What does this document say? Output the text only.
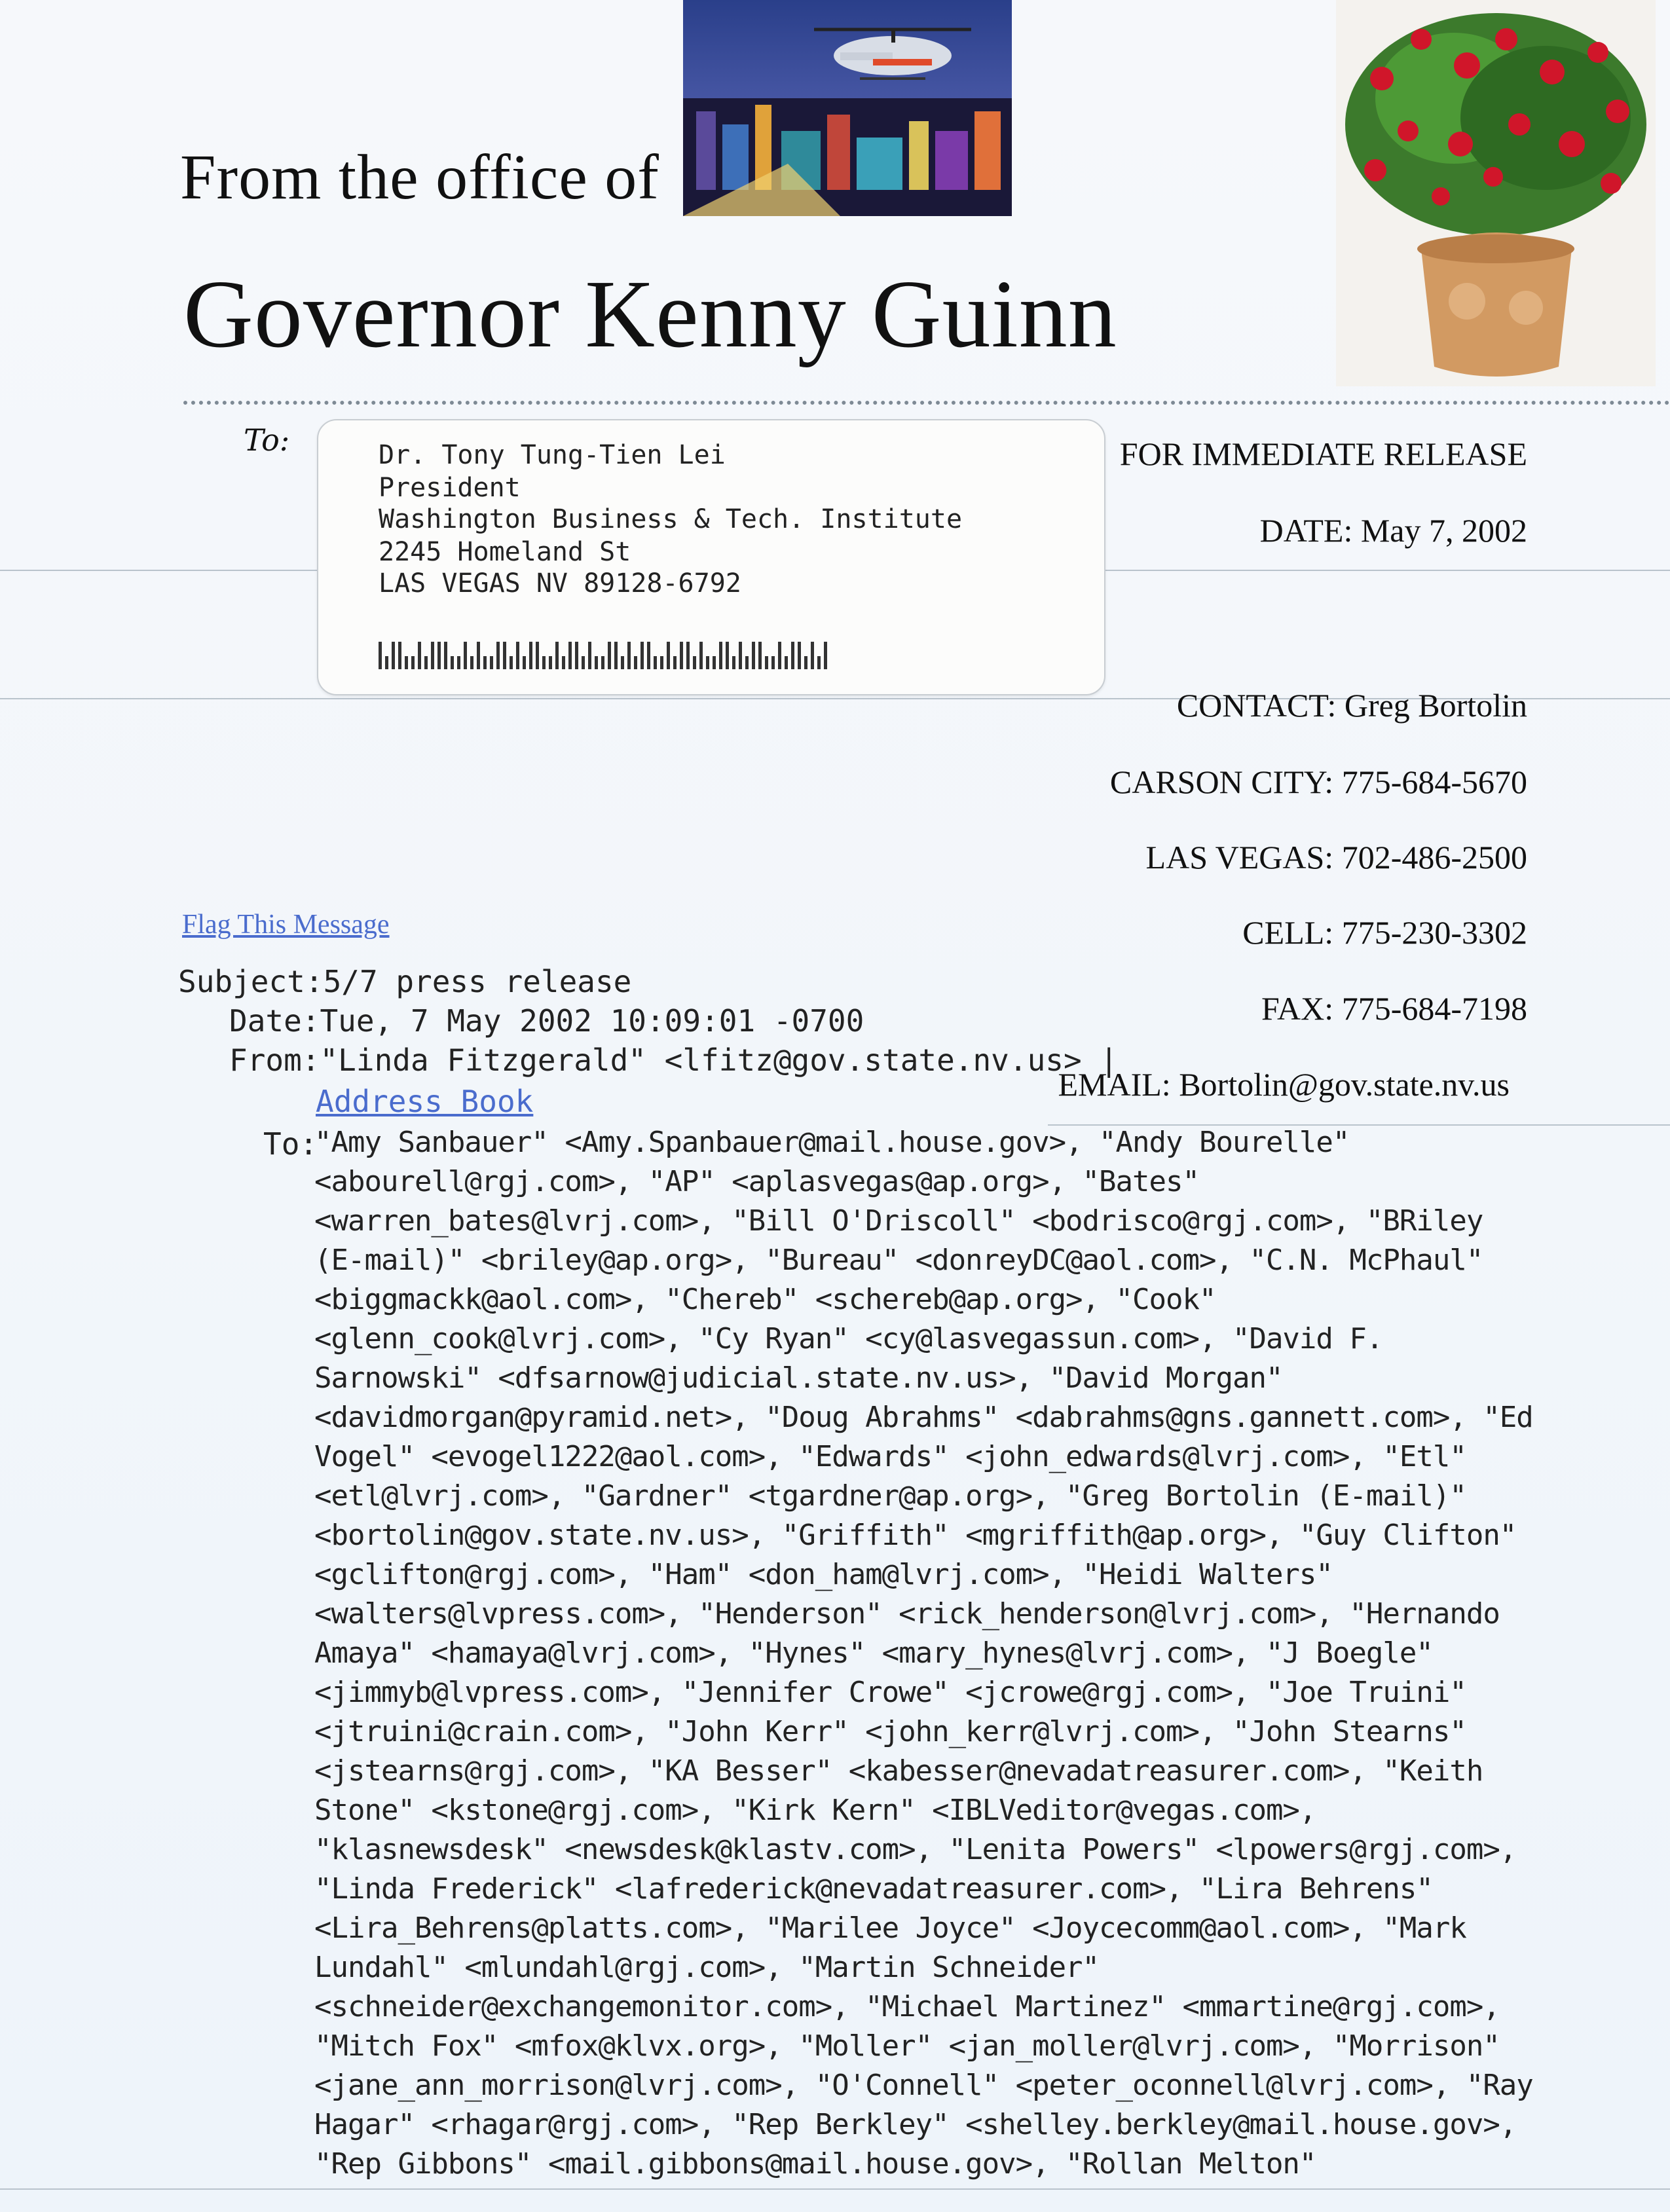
From the office of
Governor Kenny Guinn
To:	Dr. Tony Tung-Tien Lei
President
Washington Business & Tech. Institute
2245 Homeland St
LAS VEGAS NV 89128-6792
FOR IMMEDIATE RELEASE
DATE: May 7, 2002
CONTACT: Greg Bortolin
CARSON CITY: 775-684-5670
LAS VEGAS: 702-486-2500
CELL: 775-230-3302
FAX: 775-684-7198
EMAIL: Bortolin@gov.state.nv.us
Flag This Message
Subject:5/7 press release
Date:Tue, 7 May 2002 10:09:01 -0700
From:"Linda Fitzgerald" <lfitz@gov.state.nv.us> |
Address Book
To:
"Amy Sanbauer" <Amy.Spanbauer@mail.house.gov>, "Andy Bourelle"
<abourell@rgj.com>, "AP" <aplasvegas@ap.org>, "Bates"
<warren_bates@lvrj.com>, "Bill O'Driscoll" <bodrisco@rgj.com>, "BRiley
(E-mail)" <briley@ap.org>, "Bureau" <donreyDC@aol.com>, "C.N. McPhaul"
<biggmackk@aol.com>, "Chereb" <schereb@ap.org>, "Cook"
<glenn_cook@lvrj.com>, "Cy Ryan" <cy@lasvegassun.com>, "David F.
Sarnowski" <dfsarnow@judicial.state.nv.us>, "David Morgan"
<davidmorgan@pyramid.net>, "Doug Abrahms" <dabrahms@gns.gannett.com>, "Ed
Vogel" <evogel1222@aol.com>, "Edwards" <john_edwards@lvrj.com>, "Etl"
<etl@lvrj.com>, "Gardner" <tgardner@ap.org>, "Greg Bortolin (E-mail)"
<bortolin@gov.state.nv.us>, "Griffith" <mgriffith@ap.org>, "Guy Clifton"
<gclifton@rgj.com>, "Ham" <don_ham@lvrj.com>, "Heidi Walters"
<walters@lvpress.com>, "Henderson" <rick_henderson@lvrj.com>, "Hernando
Amaya" <hamaya@lvrj.com>, "Hynes" <mary_hynes@lvrj.com>, "J Boegle"
<jimmyb@lvpress.com>, "Jennifer Crowe" <jcrowe@rgj.com>, "Joe Truini"
<jtruini@crain.com>, "John Kerr" <john_kerr@lvrj.com>, "John Stearns"
<jstearns@rgj.com>, "KA Besser" <kabesser@nevadatreasurer.com>, "Keith
Stone" <kstone@rgj.com>, "Kirk Kern" <IBLVeditor@vegas.com>,
"klasnewsdesk" <newsdesk@klastv.com>, "Lenita Powers" <lpowers@rgj.com>,
"Linda Frederick" <lafrederick@nevadatreasurer.com>, "Lira Behrens"
<Lira_Behrens@platts.com>, "Marilee Joyce" <Joycecomm@aol.com>, "Mark
Lundahl" <mlundahl@rgj.com>, "Martin Schneider"
<schneider@exchangemonitor.com>, "Michael Martinez" <mmartine@rgj.com>,
"Mitch Fox" <mfox@klvx.org>, "Moller" <jan_moller@lvrj.com>, "Morrison"
<jane_ann_morrison@lvrj.com>, "O'Connell" <peter_oconnell@lvrj.com>, "Ray
Hagar" <rhagar@rgj.com>, "Rep Berkley" <shelley.berkley@mail.house.gov>,
"Rep Gibbons" <mail.gibbons@mail.house.gov>, "Rollan Melton"
